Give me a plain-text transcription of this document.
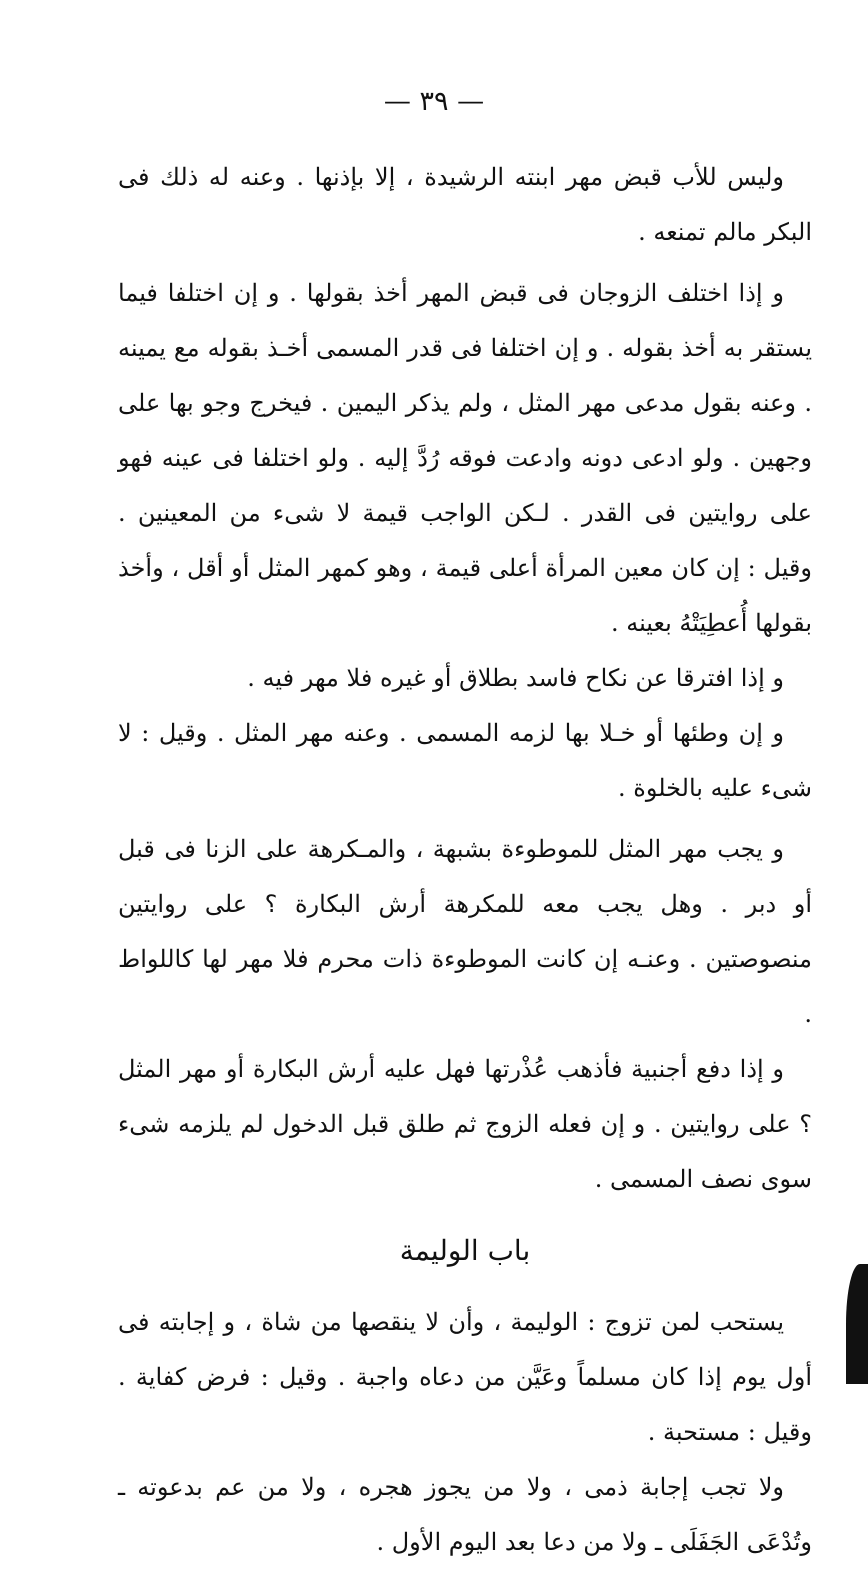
— ٣٩ —

وليس للأب قبض مهر ابنته الرشيدة ، إلا بإذنها . وعنه له ذلك فى البكر مالم تمنعه .

و إذا اختلف الزوجان فى قبض المهر أخذ بقولها . و إن اختلفا فيما يستقر به أخذ بقوله . و إن اختلفا فى قدر المسمى أخـذ بقوله مع يمينه . وعنه بقول مدعى مهر المثل ، ولم يذكر اليمين . فيخرج وجو بها على وجهين . ولو ادعى دونه وادعت فوقه رُدَّ إليه . ولو اختلفا فى عينه فهو على روايتين فى القدر . لـكن الواجب قيمة لا شىء من المعينين . وقيل : إن كان معين المرأة أعلى قيمة ، وهو كمهر المثل أو أقل ، وأخذ بقولها أُعطِيَتْهُ بعينه .

و إذا افترقا عن نكاح فاسد بطلاق أو غيره فلا مهر فيه .

و إن وطئها أو خـلا بها لزمه المسمى . وعنه مهر المثل . وقيل : لا شىء عليه بالخلوة .

و يجب مهر المثل للموطوءة بشبهة ، والمـكرهة على الزنا فى قبل أو دبر . وهل يجب معه للمكرهة أرش البكارة ؟ على روايتين منصوصتين . وعنـه إن كانت الموطوءة ذات محرم فلا مهر لها كاللواط .

و إذا دفع أجنبية فأذهب عُذْرتها فهل عليه أرش البكارة أو مهر المثل ؟ على روايتين . و إن فعله الزوج ثم طلق قبل الدخول لم يلزمه شىء سوى نصف المسمى .

باب الوليمة

يستحب لمن تزوج : الوليمة ، وأن لا ينقصها من شاة ، و إجابته فى أول يوم إذا كان مسلماً وعَيَّن من دعاه واجبة . وقيل : فرض كفاية . وقيل : مستحبة .

ولا تجب إجابة ذمى ، ولا من يجوز هجره ، ولا من عم بدعوته ـ وتُدْعَى الجَفَلَى ـ ولا من دعا بعد اليوم الأول .
